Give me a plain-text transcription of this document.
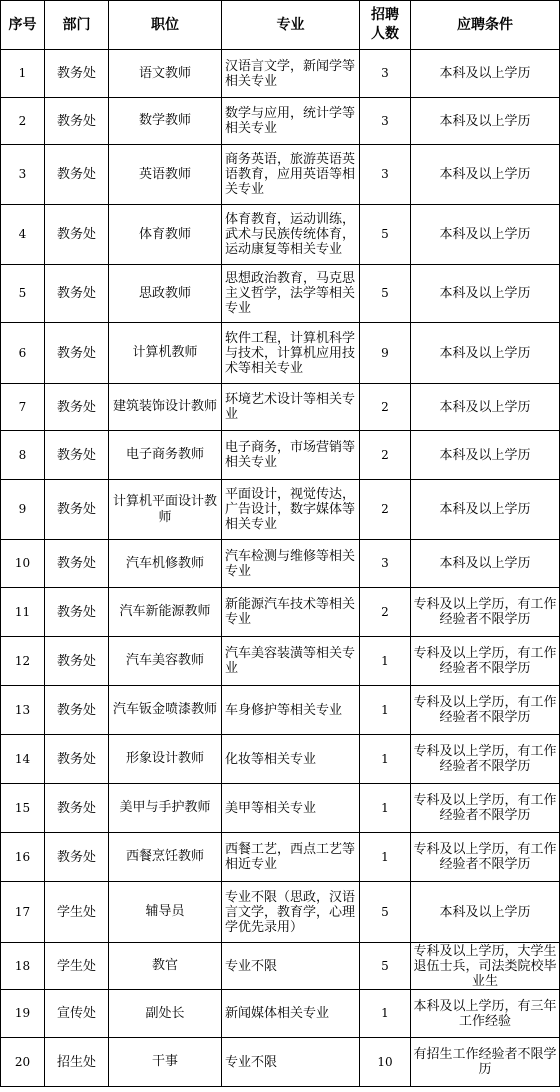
序号	部门	职位	专业	招聘人数	应聘条件
1	教务处	语文教师	汉语言文学，新闻学等相关专业	3	本科及以上学历
2	教务处	数学教师	数学与应用，统计学等相关专业	3	本科及以上学历
3	教务处	英语教师	商务英语，旅游英语英语教育，应用英语等相关专业	3	本科及以上学历
4	教务处	体育教师	体育教育，运动训练，武术与民族传统体育，运动康复等相关专业	5	本科及以上学历
5	教务处	思政教师	思想政治教育，马克思主义哲学，法学等相关专业	5	本科及以上学历
6	教务处	计算机教师	软件工程，计算机科学与技术，计算机应用技术等相关专业	9	本科及以上学历
7	教务处	建筑装饰设计教师	环境艺术设计等相关专业	2	本科及以上学历
8	教务处	电子商务教师	电子商务，市场营销等相关专业	2	本科及以上学历
9	教务处	计算机平面设计教师	平面设计，视觉传达，广告设计，数字媒体等相关专业	2	本科及以上学历
10	教务处	汽车机修教师	汽车检测与维修等相关专业	3	本科及以上学历
11	教务处	汽车新能源教师	新能源汽车技术等相关专业	2	专科及以上学历，有工作经验者不限学历
12	教务处	汽车美容教师	汽车美容装潢等相关专业	1	专科及以上学历，有工作经验者不限学历
13	教务处	汽车钣金喷漆教师	车身修护等相关专业	1	专科及以上学历，有工作经验者不限学历
14	教务处	形象设计教师	化妆等相关专业	1	专科及以上学历，有工作经验者不限学历
15	教务处	美甲与手护教师	美甲等相关专业	1	专科及以上学历，有工作经验者不限学历
16	教务处	西餐烹饪教师	西餐工艺，西点工艺等相近专业	1	专科及以上学历，有工作经验者不限学历
17	学生处	辅导员	专业不限（思政，汉语言文学，教育学，心理学优先录用）	5	本科及以上学历
18	学生处	教官	专业不限	5	专科及以上学历，大学生退伍士兵，司法类院校毕业生
19	宣传处	副处长	新闻媒体相关专业	1	本科及以上学历，有三年工作经验
20	招生处	干事	专业不限	10	有招生工作经验者不限学历
